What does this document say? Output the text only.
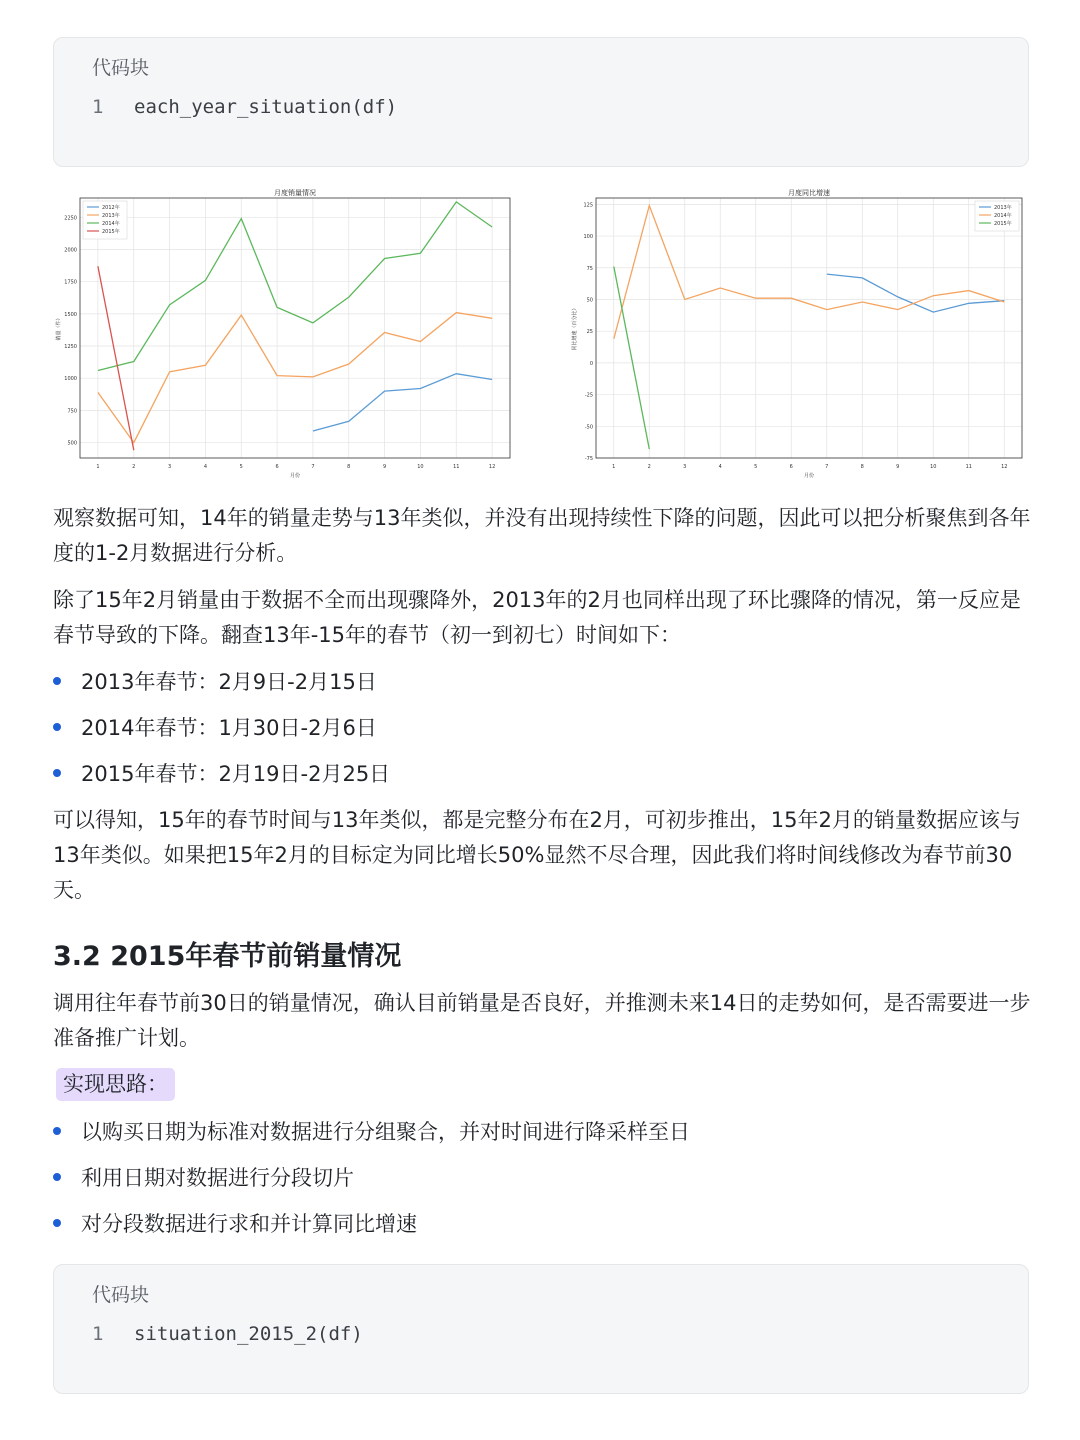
代码块
1 each_year_situation(df)
月度销量情况
1	2	3	4	5	6	7	8	9	10	11	12
500
750
1000
1250
1500
1750
2000
2250
月份
销量（件）
2012年
2013年
2014年
2015年
月度同比增速
1	2	3	4	5	6	7	8	9	10	11	12
-75
-50
-25
0
25
50
75
100
125
月份
同比增速（百分比）
2013年
2014年
2015年

观察数据可知，14年的销量走势与13年类似，并没有出现持续性下降的问题，因此可以把分析聚焦到各年度的1-2月数据进行分析。

除了15年2月销量由于数据不全而出现骤降外，2013年的2月也同样出现了环比骤降的情况，第一反应是春节导致的下降。翻查13年-15年的春节（初一到初七）时间如下：

2013年春节：2月9日-2月15日
2014年春节：1月30日-2月6日
2015年春节：2月19日-2月25日

可以得知，15年的春节时间与13年类似，都是完整分布在2月，可初步推出，15年2月的销量数据应该与13年类似。如果把15年2月的目标定为同比增长50%显然不尽合理，因此我们将时间线修改为春节前30天。

3.2 2015年春节前销量情况

调用往年春节前30日的销量情况，确认目前销量是否良好，并推测未来14日的走势如何，是否需要进一步准备推广计划。

实现思路：
以购买日期为标准对数据进行分组聚合，并对时间进行降采样至日
利用日期对数据进行分段切片
对分段数据进行求和并计算同比增速
代码块
1 situation_2015_2(df)
